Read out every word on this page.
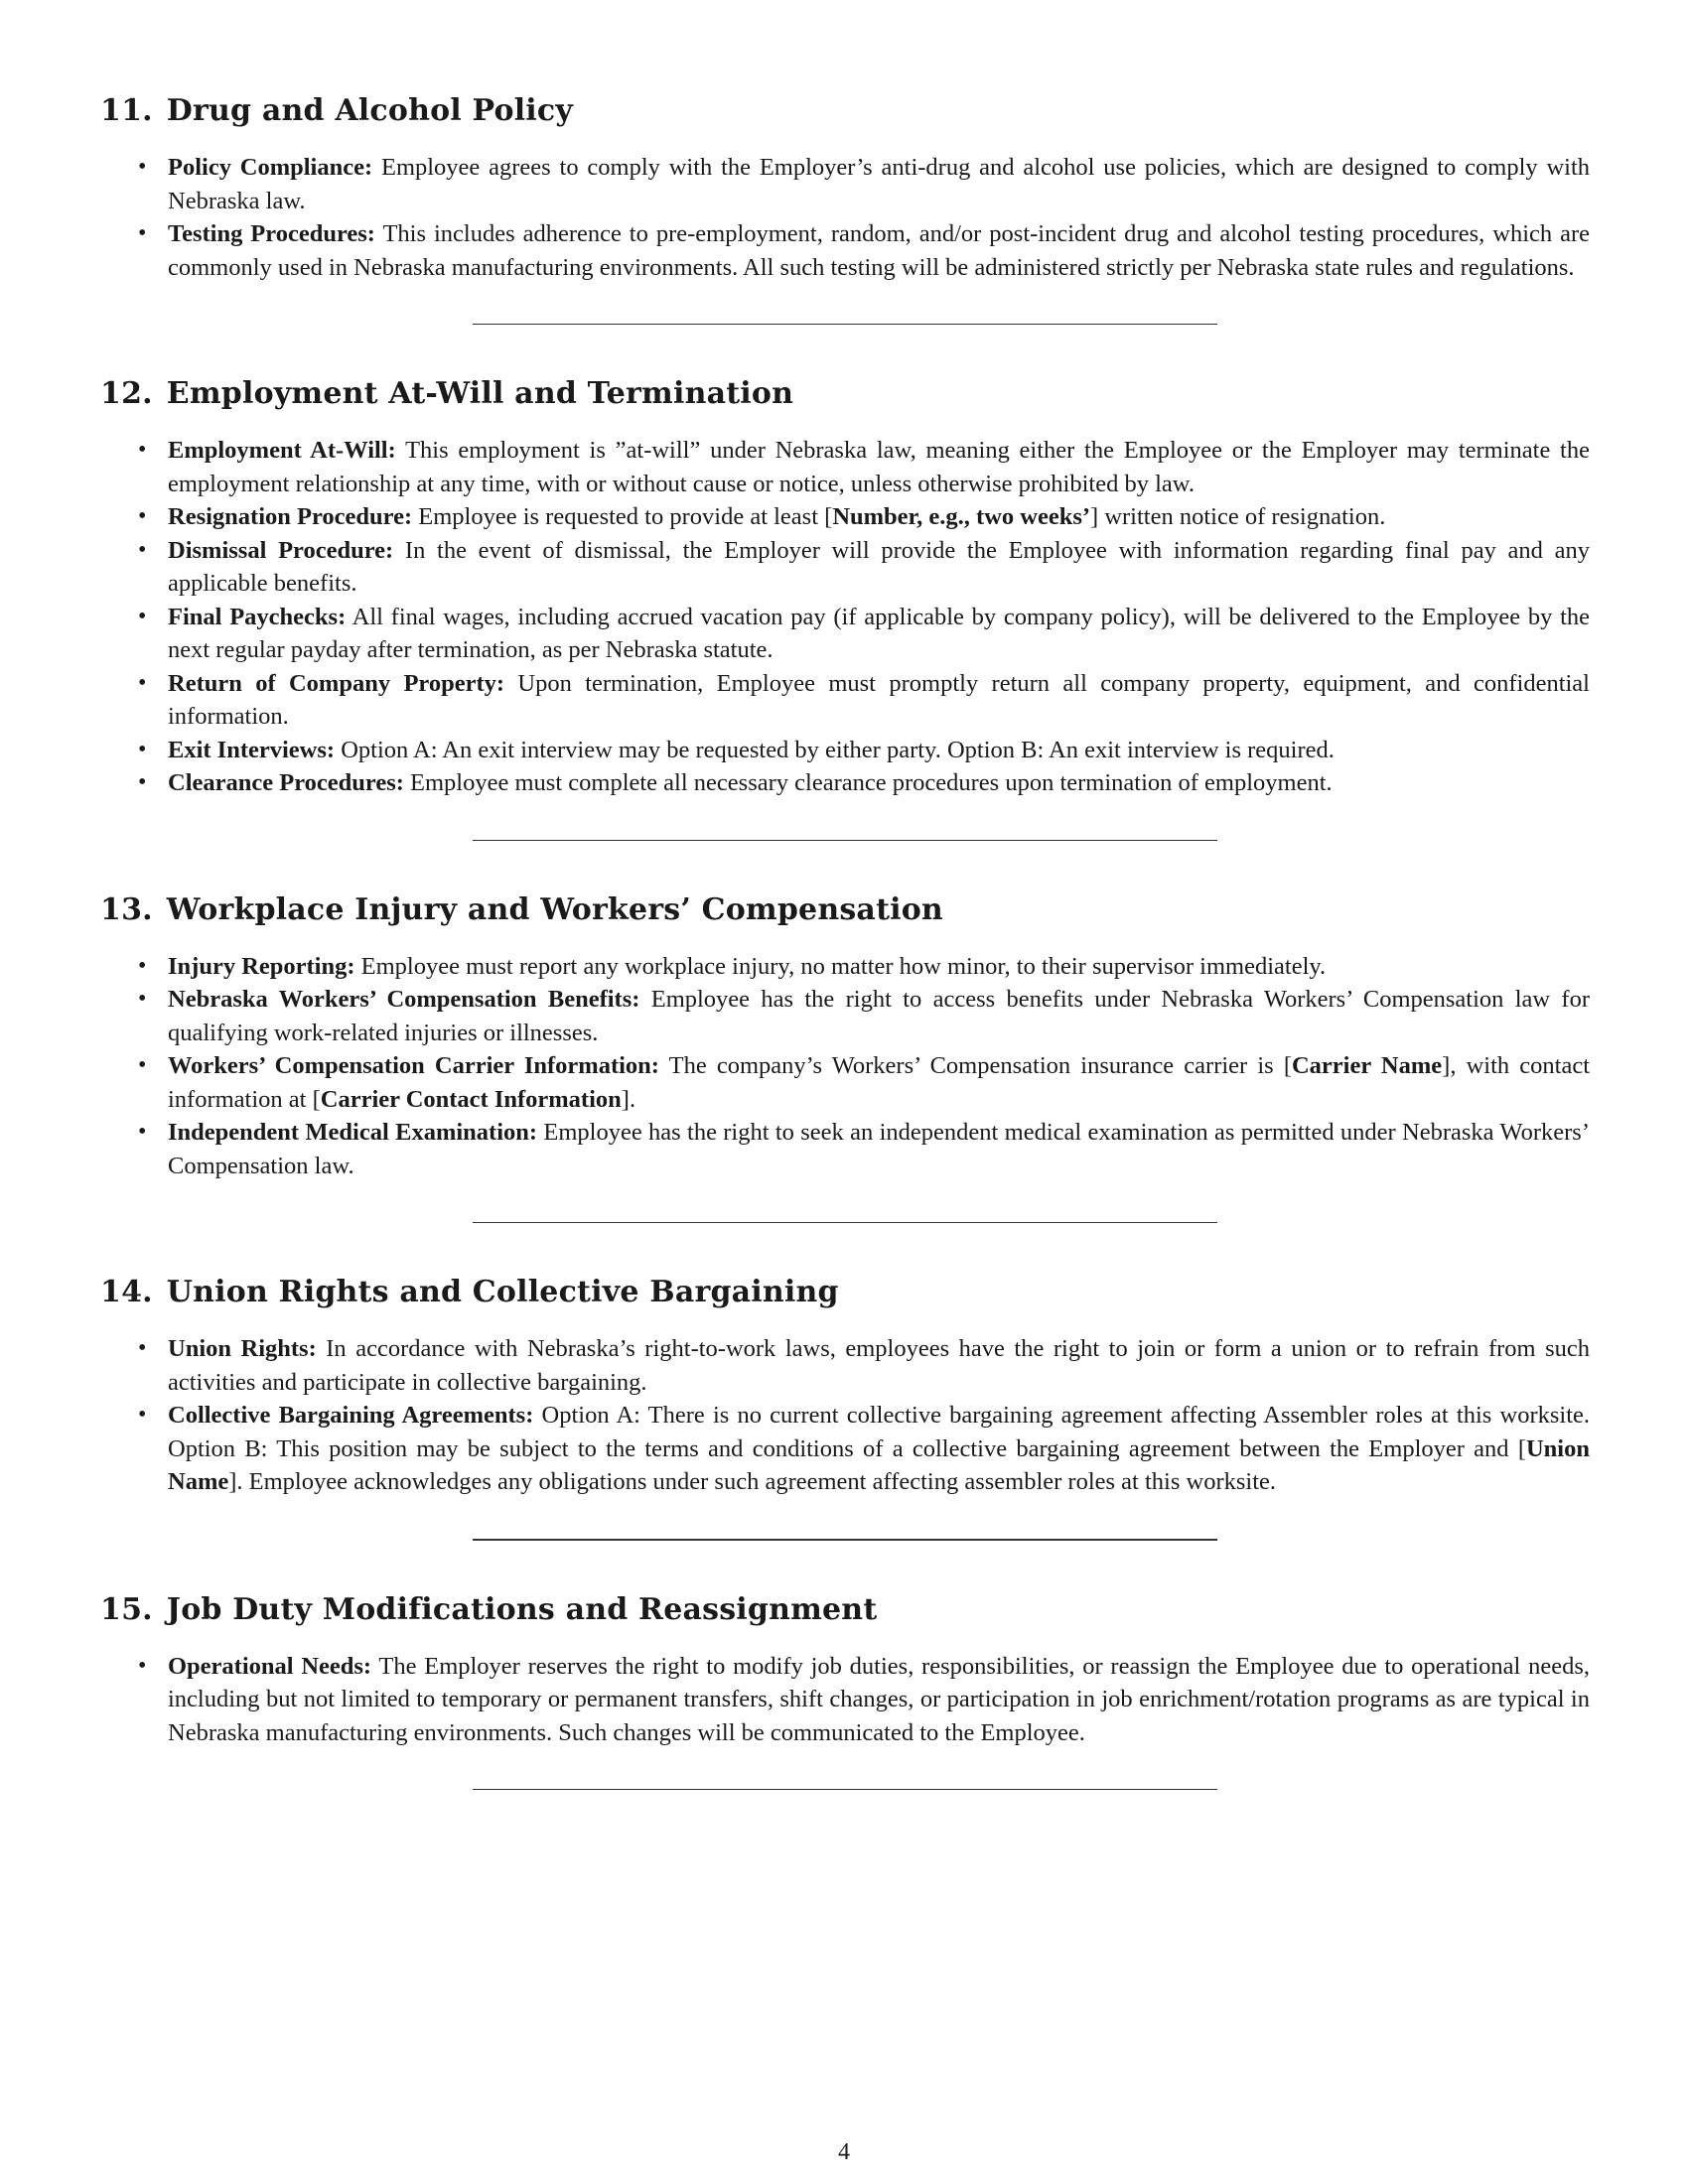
11. Drug and Alcohol Policy
• Policy Compliance: Employee agrees to comply with the Employer’s anti-drug and alcohol use policies, which are designed to comply with Nebraska law.
• Testing Procedures: This includes adherence to pre-employment, random, and/or post-incident drug and alcohol testing procedures, which are commonly used in Nebraska manufacturing environments. All such testing will be administered strictly per Nebraska state rules and regulations.
12. Employment At-Will and Termination
• Employment At-Will: This employment is ”at-will” under Nebraska law, meaning either the Employee or the Employer may terminate the employment relationship at any time, with or without cause or notice, unless otherwise prohibited by law.
• Resignation Procedure: Employee is requested to provide at least [Number, e.g., two weeks’] written notice of resignation.
• Dismissal Procedure: In the event of dismissal, the Employer will provide the Employee with information regarding final pay and any applicable benefits.
• Final Paychecks: All final wages, including accrued vacation pay (if applicable by company policy), will be delivered to the Employee by the next regular payday after termination, as per Nebraska statute.
• Return of Company Property: Upon termination, Employee must promptly return all company property, equipment, and confidential information.
• Exit Interviews: Option A: An exit interview may be requested by either party. Option B: An exit interview is required.
• Clearance Procedures: Employee must complete all necessary clearance procedures upon termination of employment.
13. Workplace Injury and Workers’ Compensation
• Injury Reporting: Employee must report any workplace injury, no matter how minor, to their supervisor immediately.
• Nebraska Workers’ Compensation Benefits: Employee has the right to access benefits under Nebraska Workers’ Compensation law for qualifying work-related injuries or illnesses.
• Workers’ Compensation Carrier Information: The company’s Workers’ Compensation insurance carrier is [Carrier Name], with contact information at [Carrier Contact Information].
• Independent Medical Examination: Employee has the right to seek an independent medical examination as permitted under Nebraska Workers’ Compensation law.
14. Union Rights and Collective Bargaining
• Union Rights: In accordance with Nebraska’s right-to-work laws, employees have the right to join or form a union or to refrain from such activities and participate in collective bargaining.
• Collective Bargaining Agreements: Option A: There is no current collective bargaining agreement affecting Assembler roles at this worksite. Option B: This position may be subject to the terms and conditions of a collective bargaining agreement between the Employer and [Union Name]. Employee acknowledges any obligations under such agreement affecting assembler roles at this worksite.
15. Job Duty Modifications and Reassignment
• Operational Needs: The Employer reserves the right to modify job duties, responsibilities, or reassign the Employee due to operational needs, including but not limited to temporary or permanent transfers, shift changes, or participation in job enrichment/rotation programs as are typical in Nebraska manufacturing environments. Such changes will be communicated to the Employee.
4
